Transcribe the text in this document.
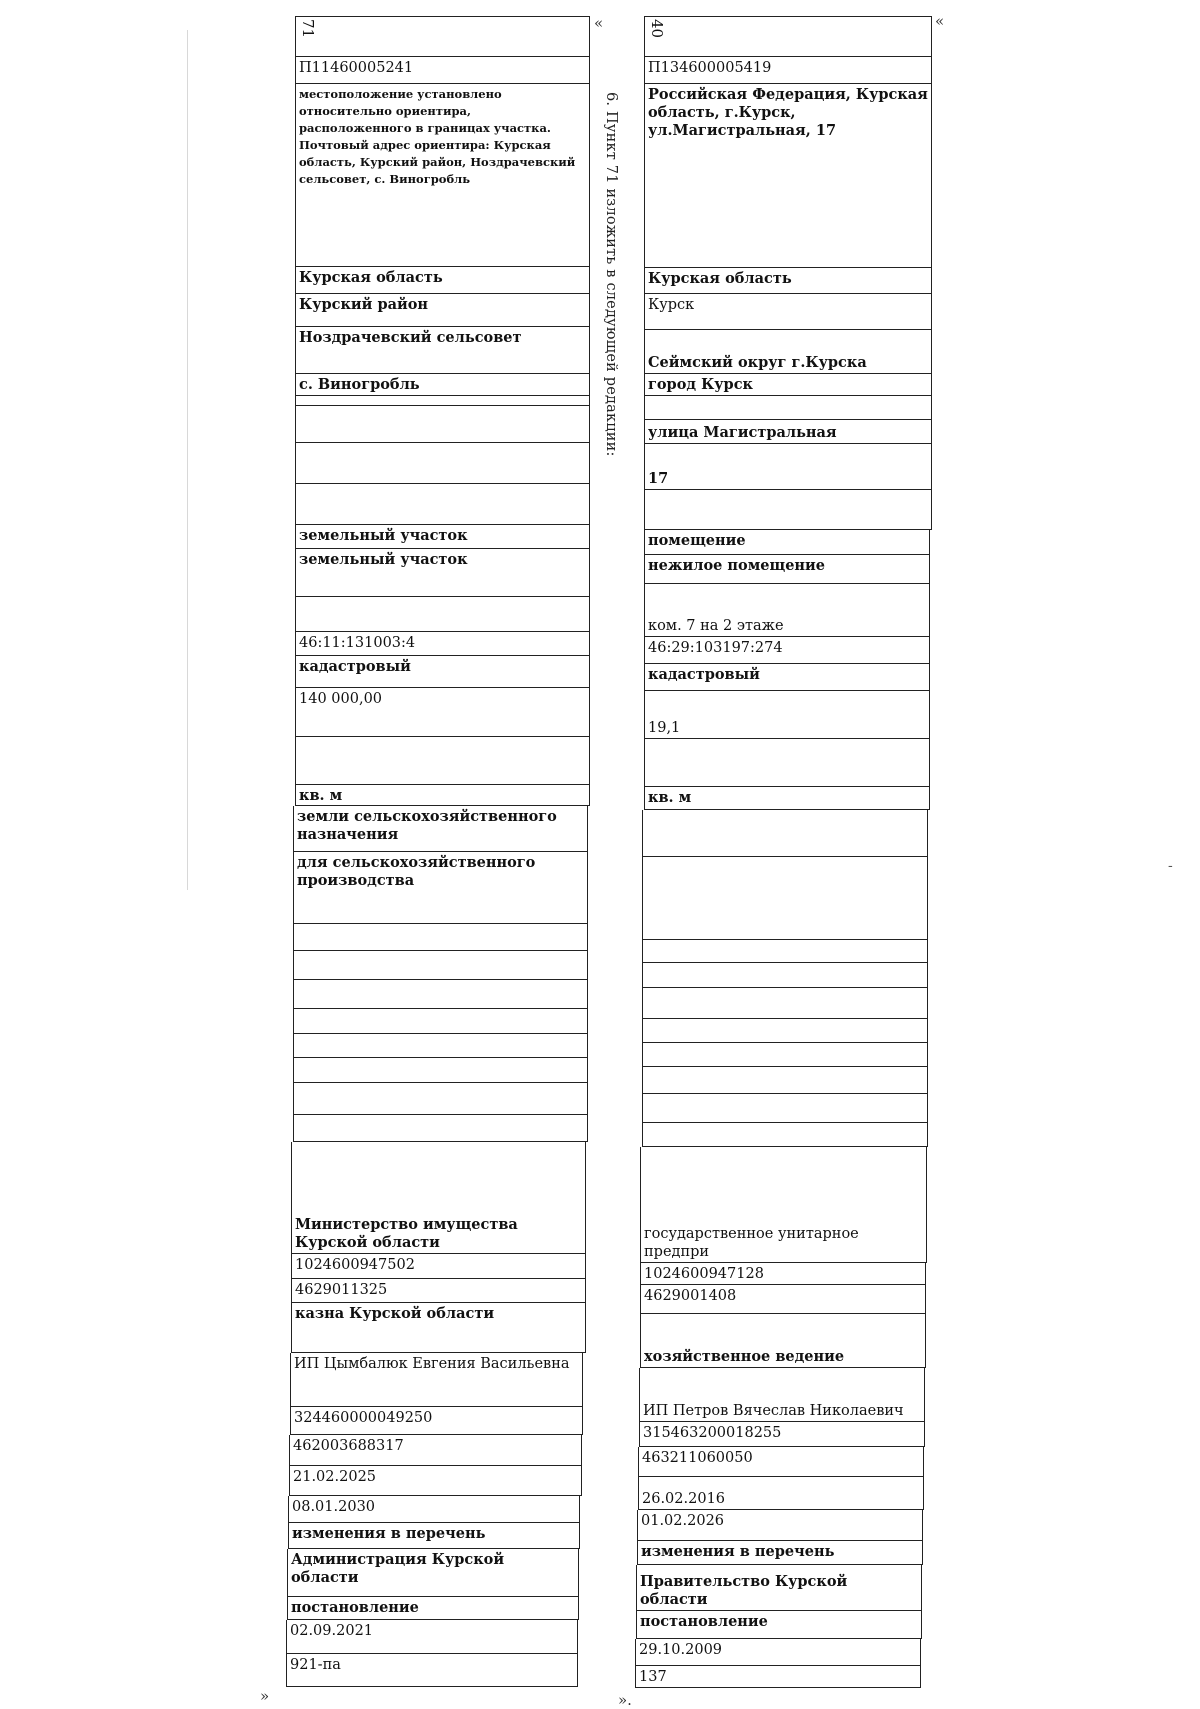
71
П11460005241
местоположение установлено относительно ориентира, расположенного в границах участка. Почтовый адрес ориентира: Курская область, Курский район, Ноздрачевский сельсовет, с. Виногробль
Курская область
Курский район
Ноздрачевский сельсовет
с. Виногробль
земельный участок
земельный участок
46:11:131003:4
кадастровый
140 000,00
кв. м
земли сельскохозяйственного назначения
для сельскохозяйственного производства
Министерство имущества Курской области
1024600947502
4629011325
казна Курской области
ИП Цымбалюк Евгения Васильевна
324460000049250
462003688317
21.02.2025
08.01.2030
изменения в перечень
Администрация Курской области
постановление
02.09.2021
921-па
40
П134600005419
Российская Федерация, Курская область, г.Курск, ул.Магистральная, 17
Курская область
Курск
Сеймский округ г.Курска
город Курск
улица Магистральная
17
помещение
нежилое помещение
ком. 7 на 2 этаже
46:29:103197:274
кадастровый
19,1
кв. м
государственное унитарное предпри
1024600947128
4629001408
хозяйственное ведение
ИП Петров Вячеслав Николаевич
315463200018255
463211060050
26.02.2016
01.02.2026
изменения в перечень
Правительство Курской области
постановление
29.10.2009
137
«	«
»	».
-
6. Пункт 71 изложить в следующей редакции:
